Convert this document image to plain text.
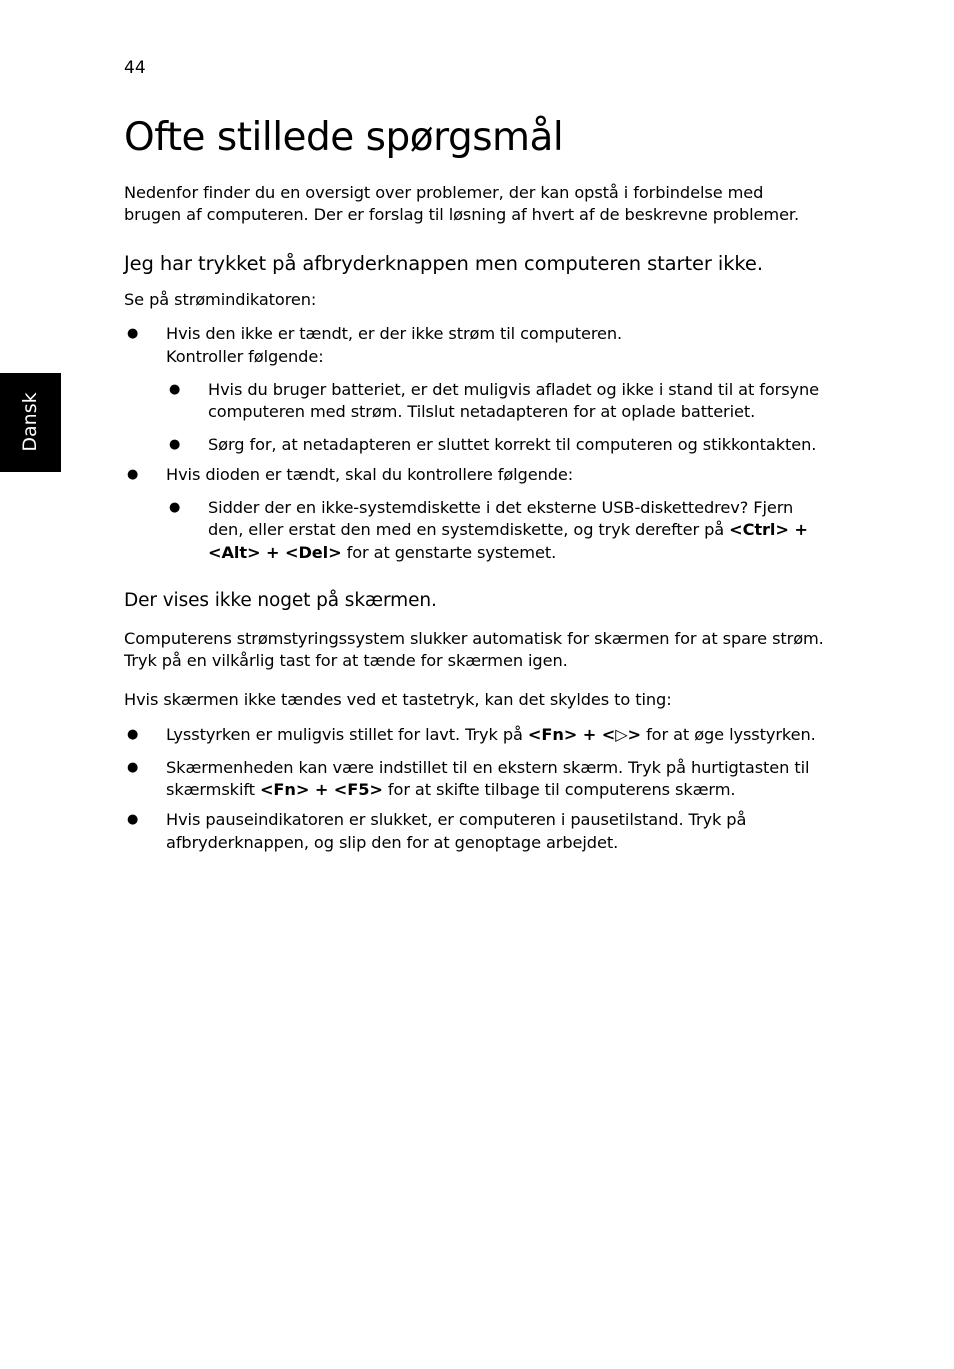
44
Dansk
Ofte stillede spørgsmål

Nedenfor finder du en oversigt over problemer, der kan opstå i forbindelse med brugen af computeren. Der er forslag til løsning af hvert af de beskrevne problemer.

Jeg har trykket på afbryderknappen men computeren starter ikke.

Se på strømindikatoren:

● Hvis den ikke er tændt, er der ikke strøm til computeren.
Kontroller følgende:
● Hvis du bruger batteriet, er det muligvis afladet og ikke i stand til at forsyne computeren med strøm. Tilslut netadapteren for at oplade batteriet.
● Sørg for, at netadapteren er sluttet korrekt til computeren og stikkontakten.
● Hvis dioden er tændt, skal du kontrollere følgende:
● Sidder der en ikke-systemdiskette i det eksterne USB-diskettedrev? Fjern den, eller erstat den med en systemdiskette, og tryk derefter på <Ctrl> + <Alt> + <Del> for at genstarte systemet.
Der vises ikke noget på skærmen.

Computerens strømstyringssystem slukker automatisk for skærmen for at spare strøm. Tryk på en vilkårlig tast for at tænde for skærmen igen.

Hvis skærmen ikke tændes ved et tastetryk, kan det skyldes to ting:

● Lysstyrken er muligvis stillet for lavt. Tryk på <Fn> + <▷> for at øge lysstyrken.
● Skærmenheden kan være indstillet til en ekstern skærm. Tryk på hurtigtasten til skærmskift <Fn> + <F5> for at skifte tilbage til computerens skærm.
● Hvis pauseindikatoren er slukket, er computeren i pausetilstand. Tryk på afbryderknappen, og slip den for at genoptage arbejdet.
